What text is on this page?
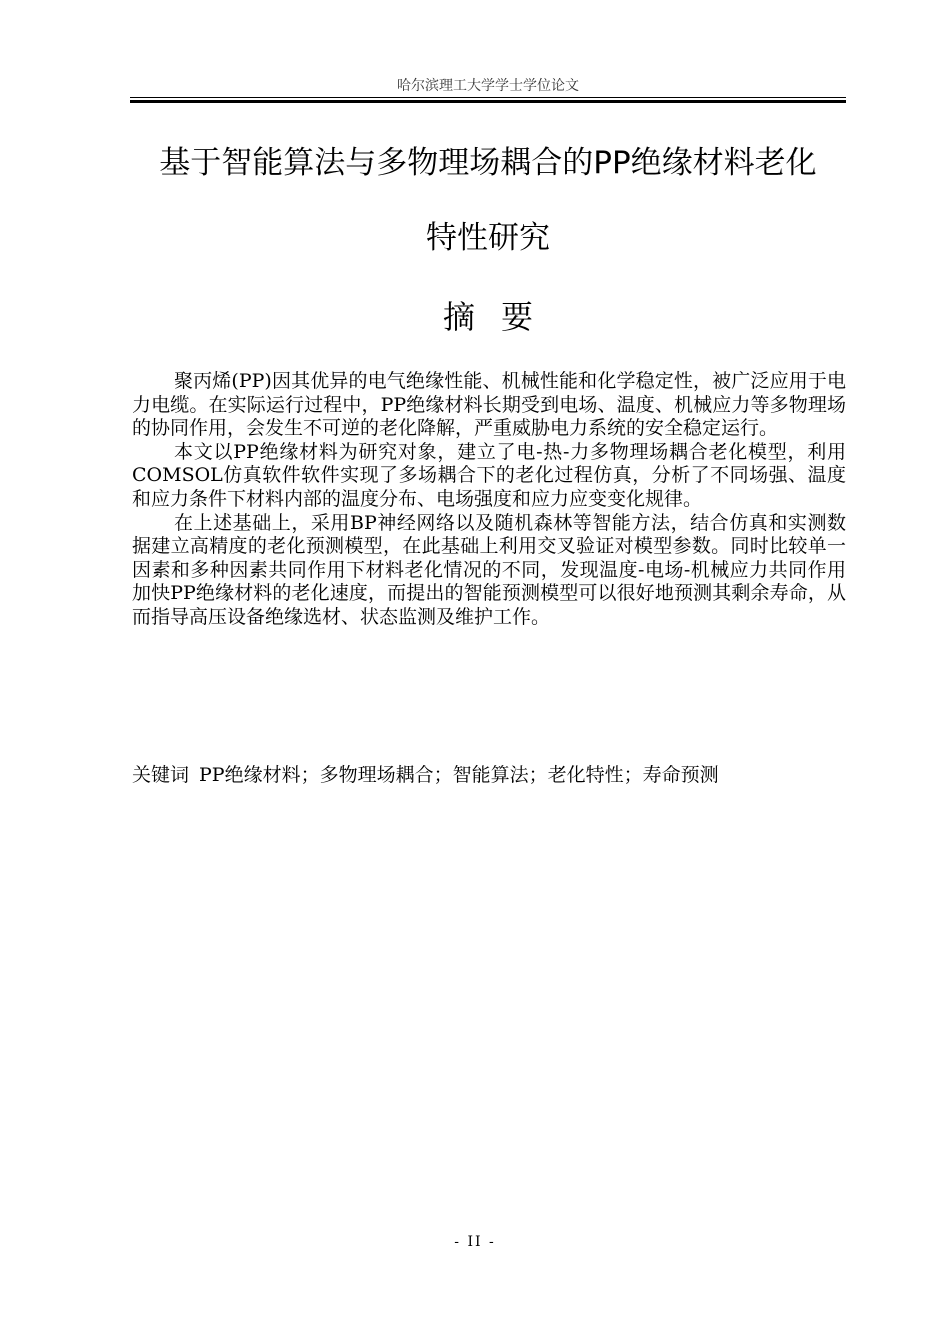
哈尔滨理工大学学士学位论文
基于智能算法与多物理场耦合的PP绝缘材料老化
特性研究
摘要

聚丙烯(PP)因其优异的电气绝缘性能、机械性能和化学稳定性，被广泛应用于电力电缆。在实际运行过程中，PP绝缘材料长期受到电场、温度、机械应力等多物理场的协同作用，会发生不可逆的老化降解，严重威胁电力系统的安全稳定运行。

本文以PP绝缘材料为研究对象，建立了电-热-力多物理场耦合老化模型，利用COMSOL仿真软件软件实现了多场耦合下的老化过程仿真，分析了不同场强、温度和应力条件下材料内部的温度分布、电场强度和应力应变变化规律。

在上述基础上，采用BP神经网络以及随机森林等智能方法，结合仿真和实测数据建立高精度的老化预测模型，在此基础上利用交叉验证对模型参数。同时比较单一因素和多种因素共同作用下材料老化情况的不同，发现温度-电场-机械应力共同作用加快PP绝缘材料的老化速度，而提出的智能预测模型可以很好地预测其剩余寿命，从而指导高压设备绝缘选材、状态监测及维护工作。

关键词 PP绝缘材料；多物理场耦合；智能算法；老化特性；寿命预测

- II -
